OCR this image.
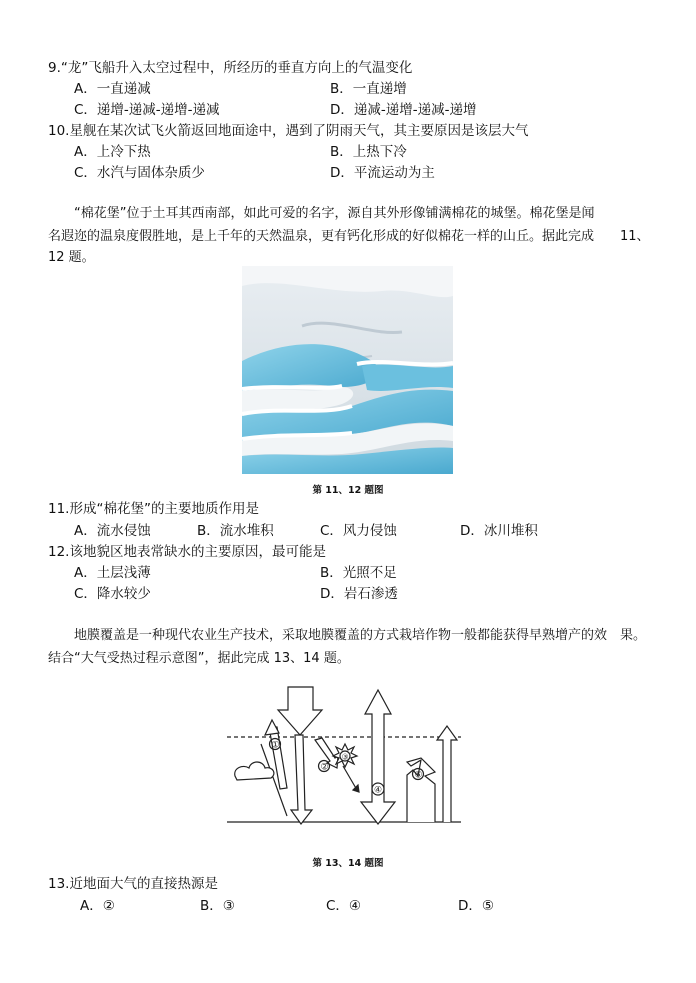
9.“龙”飞船升入太空过程中，所经历的垂直方向上的气温变化
A．一直递减	B．一直递增
C．递增-递减-递增-递减	D．递减-递增-递减-递增
10.星舰在某次试飞火箭返回地面途中，遇到了阴雨天气，其主要原因是该层大气
A．上冷下热	B．上热下冷
C．水汽与固体杂质少	D．平流运动为主
“棉花堡”位于土耳其西南部，如此可爱的名字，源自其外形像铺满棉花的城堡。棉花堡是闻
名遐迩的温泉度假胜地，是上千年的天然温泉，更有钙化形成的好似棉花一样的山丘。据此完成 11、
12 题。
第 11、12 题图
11.形成“棉花堡”的主要地质作用是
A．流水侵蚀	B．流水堆积	C．风力侵蚀	D．冰川堆积
12.该地貌区地表常缺水的主要原因，最可能是
A．土层浅薄	B．光照不足
C．降水较少	D．岩石渗透
地膜覆盖是一种现代农业生产技术，采取地膜覆盖的方式栽培作物一般都能获得早熟增产的效　果。
结合“大气受热过程示意图”，据此完成 13、14 题。
①
②
③
④
⑤
第 13、14 题图
13.近地面大气的直接热源是
A．②	B．③	C．④	D．⑤
